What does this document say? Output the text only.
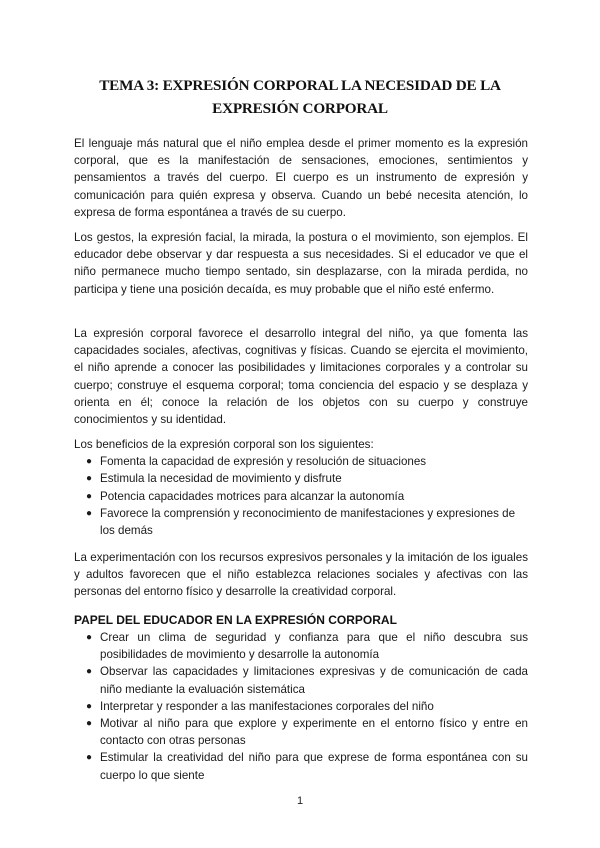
TEMA 3: EXPRESIÓN CORPORAL LA NECESIDAD DE LA
EXPRESIÓN CORPORAL

El lenguaje más natural que el niño emplea desde el primer momento es la expresión corporal, que es la manifestación de sensaciones, emociones, sentimientos y pensamientos a través del cuerpo. El cuerpo es un instrumento de expresión y comunicación para quién expresa y observa. Cuando un bebé necesita atención, lo expresa de forma espontánea a través de su cuerpo.

Los gestos, la expresión facial, la mirada, la postura o el movimiento, son ejemplos. El educador debe observar y dar respuesta a sus necesidades. Si el educador ve que el niño permanece mucho tiempo sentado, sin desplazarse, con la mirada perdida, no participa y tiene una posición decaída, es muy probable que el niño esté enfermo.

La expresión corporal favorece el desarrollo integral del niño, ya que fomenta las capacidades sociales, afectivas, cognitivas y físicas. Cuando se ejercita el movimiento, el niño aprende a conocer las posibilidades y limitaciones corporales y a controlar su cuerpo; construye el esquema corporal; toma conciencia del espacio y se desplaza y orienta en él; conoce la relación de los objetos con su cuerpo y construye conocimientos y su identidad.

Los beneficios de la expresión corporal son los siguientes:
● Fomenta la capacidad de expresión y resolución de situaciones
● Estimula la necesidad de movimiento y disfrute
● Potencia capacidades motrices para alcanzar la autonomía
● Favorece la comprensión y reconocimiento de manifestaciones y expresiones de los demás

La experimentación con los recursos expresivos personales y la imitación de los iguales y adultos favorecen que el niño establezca relaciones sociales y afectivas con las personas del entorno físico y desarrolle la creatividad corporal.

PAPEL DEL EDUCADOR EN LA EXPRESIÓN CORPORAL
● Crear un clima de seguridad y confianza para que el niño descubra sus posibilidades de movimiento y desarrolle la autonomía
● Observar las capacidades y limitaciones expresivas y de comunicación de cada niño mediante la evaluación sistemática
● Interpretar y responder a las manifestaciones corporales del niño
● Motivar al niño para que explore y experimente en el entorno físico y entre en contacto con otras personas
● Estimular la creatividad del niño para que exprese de forma espontánea con su cuerpo lo que siente
1
